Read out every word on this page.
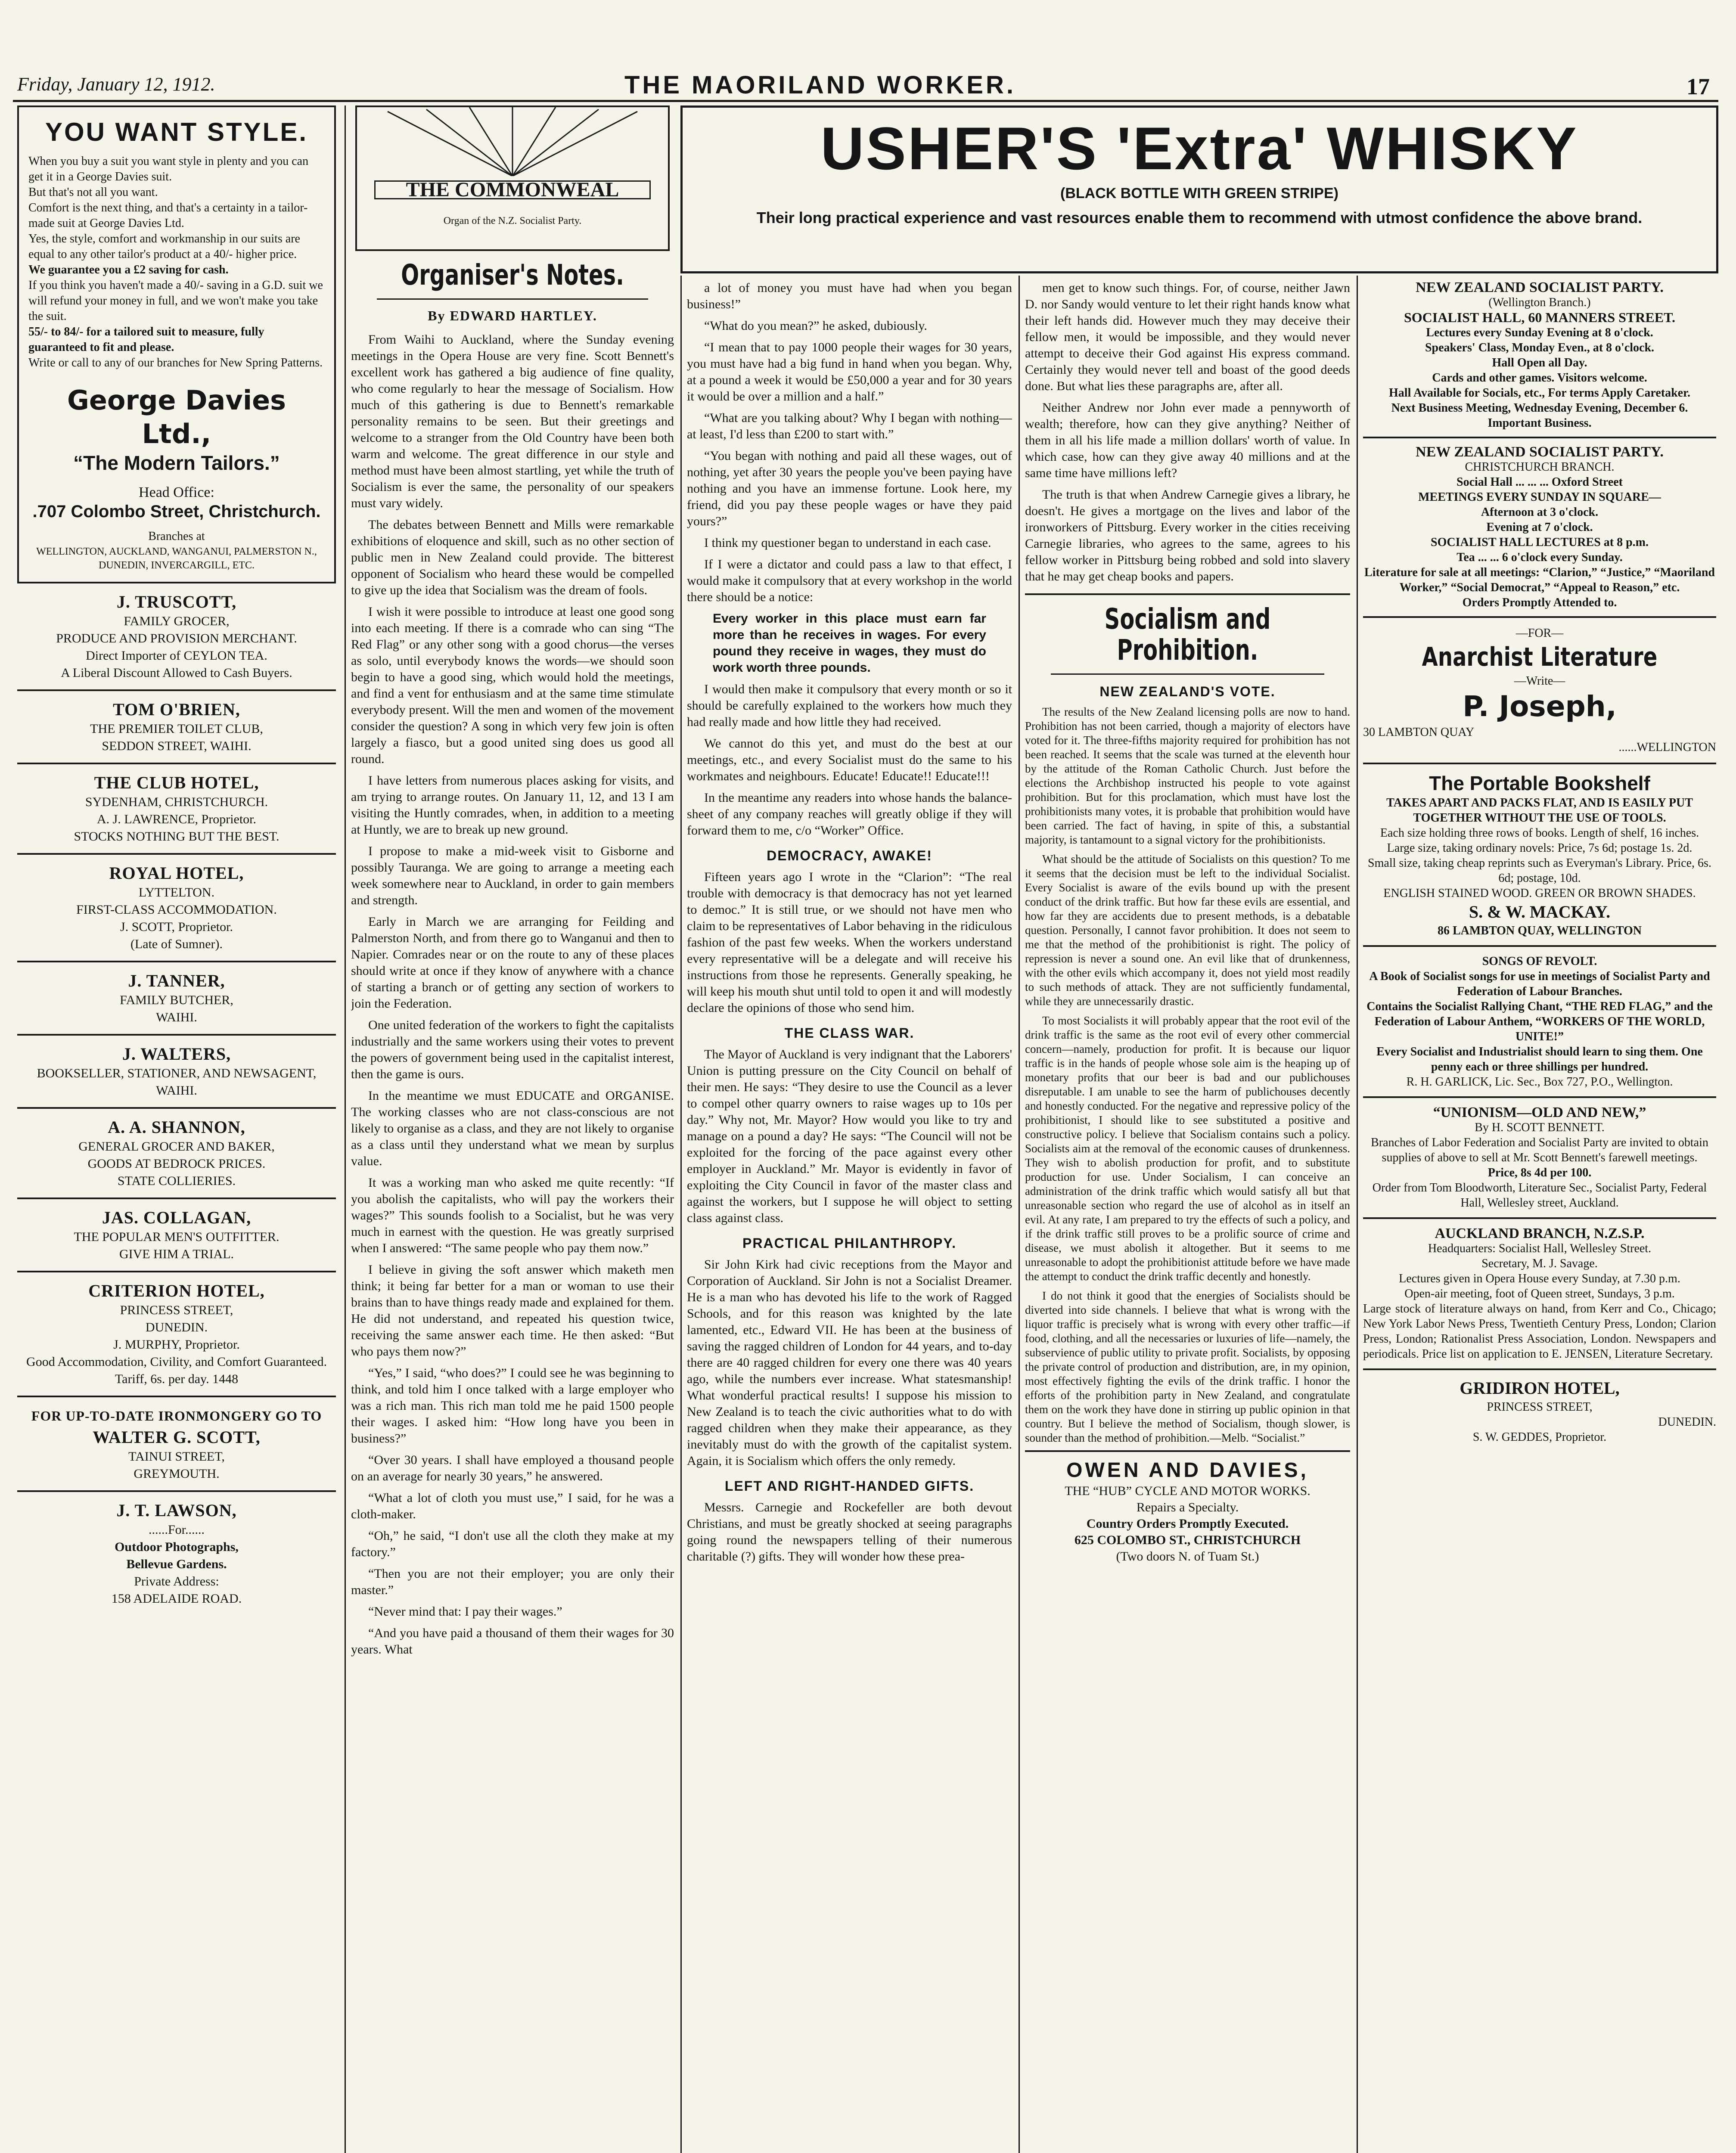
Friday, January 12, 1912.	THE MAORILAND WORKER.	17
USHER'S 'Extra' WHISKY
(BLACK BOTTLE WITH GREEN STRIPE)
Their long practical experience and vast resources enable them to recommend with utmost confidence the above brand.
YOU WANT STYLE.
When you buy a suit you want style in plenty and you can get it in a George Davies suit.
But that's not all you want.
Comfort is the next thing, and that's a certainty in a tailor-made suit at George Davies Ltd.
Yes, the style, comfort and workmanship in our suits are equal to any other tailor's product at a 40/- higher price.
We guarantee you a £2 saving for cash.
If you think you haven't made a 40/- saving in a G.D. suit we will refund your money in full, and we won't make you take the suit.
55/- to 84/- for a tailored suit to measure, fully guaranteed to fit and please.
Write or call to any of our branches for New Spring Patterns.
George Davies Ltd.,
“The Modern Tailors.”
Head Office:
.707 Colombo Street, Christchurch.
Branches at
WELLINGTON, AUCKLAND, WANGANUI, PALMERSTON N., DUNEDIN, INVERCARGILL, ETC.
J. TRUSCOTT,
FAMILY GROCER,
PRODUCE AND PROVISION MERCHANT.
Direct Importer of CEYLON TEA.
A Liberal Discount Allowed to Cash Buyers.
TOM O'BRIEN,
THE PREMIER TOILET CLUB,
SEDDON STREET, WAIHI.
THE CLUB HOTEL,
SYDENHAM, CHRISTCHURCH.
A. J. LAWRENCE, Proprietor.
STOCKS NOTHING BUT THE BEST.
ROYAL HOTEL,
LYTTELTON.
FIRST-CLASS ACCOMMODATION.
J. SCOTT, Proprietor.
(Late of Sumner).
J. TANNER,
FAMILY BUTCHER,
WAIHI.
J. WALTERS,
BOOKSELLER, STATIONER, AND NEWSAGENT,
WAIHI.
A. A. SHANNON,
GENERAL GROCER AND BAKER,
GOODS AT BEDROCK PRICES.
STATE COLLIERIES.
JAS. COLLAGAN,
THE POPULAR MEN'S OUTFITTER.
GIVE HIM A TRIAL.
CRITERION HOTEL,
PRINCESS STREET,
DUNEDIN.
J. MURPHY, Proprietor.
Good Accommodation, Civility, and Comfort Guaranteed.
Tariff, 6s. per day. 1448
FOR UP-TO-DATE IRONMONGERY GO TO
WALTER G. SCOTT,
TAINUI STREET,
GREYMOUTH.
J. T. LAWSON,
......For......
Outdoor Photographs,
Bellevue Gardens.
Private Address:
158 ADELAIDE ROAD.
THE COMMONWEAL
Organ of the N.Z. Socialist Party.
Organiser's Notes.
By EDWARD HARTLEY.

From Waihi to Auckland, where the Sunday evening meetings in the Opera House are very fine. Scott Bennett's excellent work has gathered a big audience of fine quality, who come regularly to hear the message of Socialism. How much of this gathering is due to Bennett's remarkable personality remains to be seen. But their greetings and welcome to a stranger from the Old Country have been both warm and welcome. The great difference in our style and method must have been almost startling, yet while the truth of Socialism is ever the same, the personality of our speakers must vary widely.

The debates between Bennett and Mills were remarkable exhibitions of eloquence and skill, such as no other section of public men in New Zealand could provide. The bitterest opponent of Socialism who heard these would be compelled to give up the idea that Socialism was the dream of fools.

I wish it were possible to introduce at least one good song into each meeting. If there is a comrade who can sing “The Red Flag” or any other song with a good chorus—the verses as solo, until everybody knows the words—we should soon begin to have a good sing, which would hold the meetings, and find a vent for enthusiasm and at the same time stimulate everybody present. Will the men and women of the movement consider the question? A song in which very few join is often largely a fiasco, but a good united sing does us good all round.

I have letters from numerous places asking for visits, and am trying to arrange routes. On January 11, 12, and 13 I am visiting the Huntly comrades, when, in addition to a meeting at Huntly, we are to break up new ground.

I propose to make a mid-week visit to Gisborne and possibly Tauranga. We are going to arrange a meeting each week somewhere near to Auckland, in order to gain members and strength.

Early in March we are arranging for Feilding and Palmerston North, and from there go to Wanganui and then to Napier. Comrades near or on the route to any of these places should write at once if they know of anywhere with a chance of starting a branch or of getting any section of workers to join the Federation.

One united federation of the workers to fight the capitalists industrially and the same workers using their votes to prevent the powers of government being used in the capitalist interest, then the game is ours.

In the meantime we must EDUCATE and ORGANISE. The working classes who are not class-conscious are not likely to organise as a class, and they are not likely to organise as a class until they understand what we mean by surplus value.

It was a working man who asked me quite recently: “If you abolish the capitalists, who will pay the workers their wages?” This sounds foolish to a Socialist, but he was very much in earnest with the question. He was greatly surprised when I answered: “The same people who pay them now.”

I believe in giving the soft answer which maketh men think; it being far better for a man or woman to use their brains than to have things ready made and explained for them. He did not understand, and repeated his question twice, receiving the same answer each time. He then asked: “But who pays them now?”

“Yes,” I said, “who does?” I could see he was beginning to think, and told him I once talked with a large employer who was a rich man. This rich man told me he paid 1500 people their wages. I asked him: “How long have you been in business?”

“Over 30 years. I shall have employed a thousand people on an average for nearly 30 years,” he answered.

“What a lot of cloth you must use,” I said, for he was a cloth-maker.

“Oh,” he said, “I don't use all the cloth they make at my factory.”

“Then you are not their employer; you are only their master.”

“Never mind that: I pay their wages.”

“And you have paid a thousand of them their wages for 30 years. What

a lot of money you must have had when you began business!”

“What do you mean?” he asked, dubiously.

“I mean that to pay 1000 people their wages for 30 years, you must have had a big fund in hand when you began. Why, at a pound a week it would be £50,000 a year and for 30 years it would be over a million and a half.”

“What are you talking about? Why I began with nothing—at least, I'd less than £200 to start with.”

“You began with nothing and paid all these wages, out of nothing, yet after 30 years the people you've been paying have nothing and you have an immense fortune. Look here, my friend, did you pay these people wages or have they paid yours?”

I think my questioner began to understand in each case.

If I were a dictator and could pass a law to that effect, I would make it compulsory that at every workshop in the world there should be a notice:

Every worker in this place must earn far more than he receives in wages. For every pound they receive in wages, they must do work worth three pounds.

I would then make it compulsory that every month or so it should be carefully explained to the workers how much they had really made and how little they had received.

We cannot do this yet, and must do the best at our meetings, etc., and every Socialist must do the same to his workmates and neighbours. Educate! Educate!! Educate!!!

In the meantime any readers into whose hands the balance-sheet of any company reaches will greatly oblige if they will forward them to me, c/o “Worker” Office.

DEMOCRACY, AWAKE!

Fifteen years ago I wrote in the “Clarion”: “The real trouble with democracy is that democracy has not yet learned to democ.” It is still true, or we should not have men who claim to be representatives of Labor behaving in the ridiculous fashion of the past few weeks. When the workers understand every representative will be a delegate and will receive his instructions from those he represents. Generally speaking, he will keep his mouth shut until told to open it and will modestly declare the opinions of those who send him.

THE CLASS WAR.

The Mayor of Auckland is very indignant that the Laborers' Union is putting pressure on the City Council on behalf of their men. He says: “They desire to use the Council as a lever to compel other quarry owners to raise wages up to 10s per day.” Why not, Mr. Mayor? How would you like to try and manage on a pound a day? He says: “The Council will not be exploited for the forcing of the pace against every other employer in Auckland.” Mr. Mayor is evidently in favor of exploiting the City Council in favor of the master class and against the workers, but I suppose he will object to setting class against class.

PRACTICAL PHILANTHROPY.

Sir John Kirk had civic receptions from the Mayor and Corporation of Auckland. Sir John is not a Socialist Dreamer. He is a man who has devoted his life to the work of Ragged Schools, and for this reason was knighted by the late lamented, etc., Edward VII. He has been at the business of saving the ragged children of London for 44 years, and to-day there are 40 ragged children for every one there was 40 years ago, while the numbers ever increase. What statesmanship! What wonderful practical results! I suppose his mission to New Zealand is to teach the civic authorities what to do with ragged children when they make their appearance, as they inevitably must do with the growth of the capitalist system. Again, it is Socialism which offers the only remedy.

LEFT AND RIGHT-HANDED GIFTS.

Messrs. Carnegie and Rockefeller are both devout Christians, and must be greatly shocked at seeing paragraphs going round the newspapers telling of their numerous charitable (?) gifts. They will wonder how these prea-

men get to know such things. For, of course, neither Jawn D. nor Sandy would venture to let their right hands know what their left hands did. However much they may deceive their fellow men, it would be impossible, and they would never attempt to deceive their God against His express command. Certainly they would never tell and boast of the good deeds done. But what lies these paragraphs are, after all.

Neither Andrew nor John ever made a pennyworth of wealth; therefore, how can they give anything? Neither of them in all his life made a million dollars' worth of value. In which case, how can they give away 40 millions and at the same time have millions left?

The truth is that when Andrew Carnegie gives a library, he doesn't. He gives a mortgage on the lives and labor of the ironworkers of Pittsburg. Every worker in the cities receiving Carnegie libraries, who agrees to the same, agrees to his fellow worker in Pittsburg being robbed and sold into slavery that he may get cheap books and papers.

Socialism and Prohibition.
NEW ZEALAND'S VOTE.

The results of the New Zealand licensing polls are now to hand. Prohibition has not been carried, though a majority of electors have voted for it. The three-fifths majority required for prohibition has not been reached. It seems that the scale was turned at the eleventh hour by the attitude of the Roman Catholic Church. Just before the elections the Archbishop instructed his people to vote against prohibition. But for this proclamation, which must have lost the prohibitionists many votes, it is probable that prohibition would have been carried. The fact of having, in spite of this, a substantial majority, is tantamount to a signal victory for the prohibitionists.

What should be the attitude of Socialists on this question? To me it seems that the decision must be left to the individual Socialist. Every Socialist is aware of the evils bound up with the present conduct of the drink traffic. But how far these evils are essential, and how far they are accidents due to present methods, is a debatable question. Personally, I cannot favor prohibition. It does not seem to me that the method of the prohibitionist is right. The policy of repression is never a sound one. An evil like that of drunkenness, with the other evils which accompany it, does not yield most readily to such methods of attack. They are not sufficiently fundamental, while they are unnecessarily drastic.

To most Socialists it will probably appear that the root evil of the drink traffic is the same as the root evil of every other commercial concern—namely, production for profit. It is because our liquor traffic is in the hands of people whose sole aim is the heaping up of monetary profits that our beer is bad and our publichouses disreputable. I am unable to see the harm of publichouses decently and honestly conducted. For the negative and repressive policy of the prohibitionist, I should like to see substituted a positive and constructive policy. I believe that Socialism contains such a policy. Socialists aim at the removal of the economic causes of drunkenness. They wish to abolish production for profit, and to substitute production for use. Under Socialism, I can conceive an administration of the drink traffic which would satisfy all but that unreasonable section who regard the use of alcohol as in itself an evil. At any rate, I am prepared to try the effects of such a policy, and if the drink traffic still proves to be a prolific source of crime and disease, we must abolish it altogether. But it seems to me unreasonable to adopt the prohibitionist attitude before we have made the attempt to conduct the drink traffic decently and honestly.

I do not think it good that the energies of Socialists should be diverted into side channels. I believe that what is wrong with the liquor traffic is precisely what is wrong with every other traffic—if food, clothing, and all the necessaries or luxuries of life—namely, the subservience of public utility to private profit. Socialists, by opposing the private control of production and distribution, are, in my opinion, most effectively fighting the evils of the drink traffic. I honor the efforts of the prohibition party in New Zealand, and congratulate them on the work they have done in stirring up public opinion in that country. But I believe the method of Socialism, though slower, is sounder than the method of prohibition.—Melb. “Socialist.”

OWEN AND DAVIES,
THE “HUB” CYCLE AND MOTOR WORKS.
Repairs a Specialty.
Country Orders Promptly Executed.
625 COLOMBO ST., CHRISTCHURCH
(Two doors N. of Tuam St.)
NEW ZEALAND SOCIALIST PARTY.
(Wellington Branch.)
SOCIALIST HALL, 60 MANNERS STREET.
Lectures every Sunday Evening at 8 o'clock.
Speakers' Class, Monday Even., at 8 o'clock.
Hall Open all Day.
Cards and other games. Visitors welcome.
Hall Available for Socials, etc., For terms Apply Caretaker.
Next Business Meeting, Wednesday Evening, December 6. Important Business.
NEW ZEALAND SOCIALIST PARTY.
CHRISTCHURCH BRANCH.
Social Hall ... ... ... Oxford Street
MEETINGS EVERY SUNDAY IN SQUARE—
Afternoon at 3 o'clock.
Evening at 7 o'clock.
SOCIALIST HALL LECTURES at 8 p.m.
Tea ... ... 6 o'clock every Sunday.
Literature for sale at all meetings: “Clarion,” “Justice,” “Maoriland Worker,” “Social Democrat,” “Appeal to Reason,” etc.
Orders Promptly Attended to.
—FOR—
Anarchist Literature
—Write—
P. Joseph,
30 LAMBTON QUAY
......WELLINGTON
The Portable Bookshelf
TAKES APART AND PACKS FLAT, AND IS EASILY PUT TOGETHER WITHOUT THE USE OF TOOLS.
Each size holding three rows of books. Length of shelf, 16 inches.
Large size, taking ordinary novels: Price, 7s 6d; postage 1s. 2d.
Small size, taking cheap reprints such as Everyman's Library. Price, 6s. 6d; postage, 10d.
ENGLISH STAINED WOOD. GREEN OR BROWN SHADES.
S. & W. MACKAY.
86 LAMBTON QUAY, WELLINGTON
SONGS OF REVOLT.
A Book of Socialist songs for use in meetings of Socialist Party and Federation of Labour Branches.
Contains the Socialist Rallying Chant, “THE RED FLAG,” and the Federation of Labour Anthem, “WORKERS OF THE WORLD, UNITE!”
Every Socialist and Industrialist should learn to sing them. One penny each or three shillings per hundred.
R. H. GARLICK, Lic. Sec., Box 727, P.O., Wellington.
“UNIONISM—OLD AND NEW,”
By H. SCOTT BENNETT.
Branches of Labor Federation and Socialist Party are invited to obtain supplies of above to sell at Mr. Scott Bennett's farewell meetings.
Price, 8s 4d per 100.
Order from Tom Bloodworth, Literature Sec., Socialist Party, Federal Hall, Wellesley street, Auckland.
AUCKLAND BRANCH, N.Z.S.P.
Headquarters: Socialist Hall, Wellesley Street.
Secretary, M. J. Savage.
Lectures given in Opera House every Sunday, at 7.30 p.m.
Open-air meeting, foot of Queen street, Sundays, 3 p.m.
Large stock of literature always on hand, from Kerr and Co., Chicago; New York Labor News Press, Twentieth Century Press, London; Clarion Press, London; Rationalist Press Association, London. Newspapers and periodicals. Price list on application to E. JENSEN, Literature Secretary.
GRIDIRON HOTEL,
PRINCESS STREET,
DUNEDIN.
S. W. GEDDES, Proprietor.
